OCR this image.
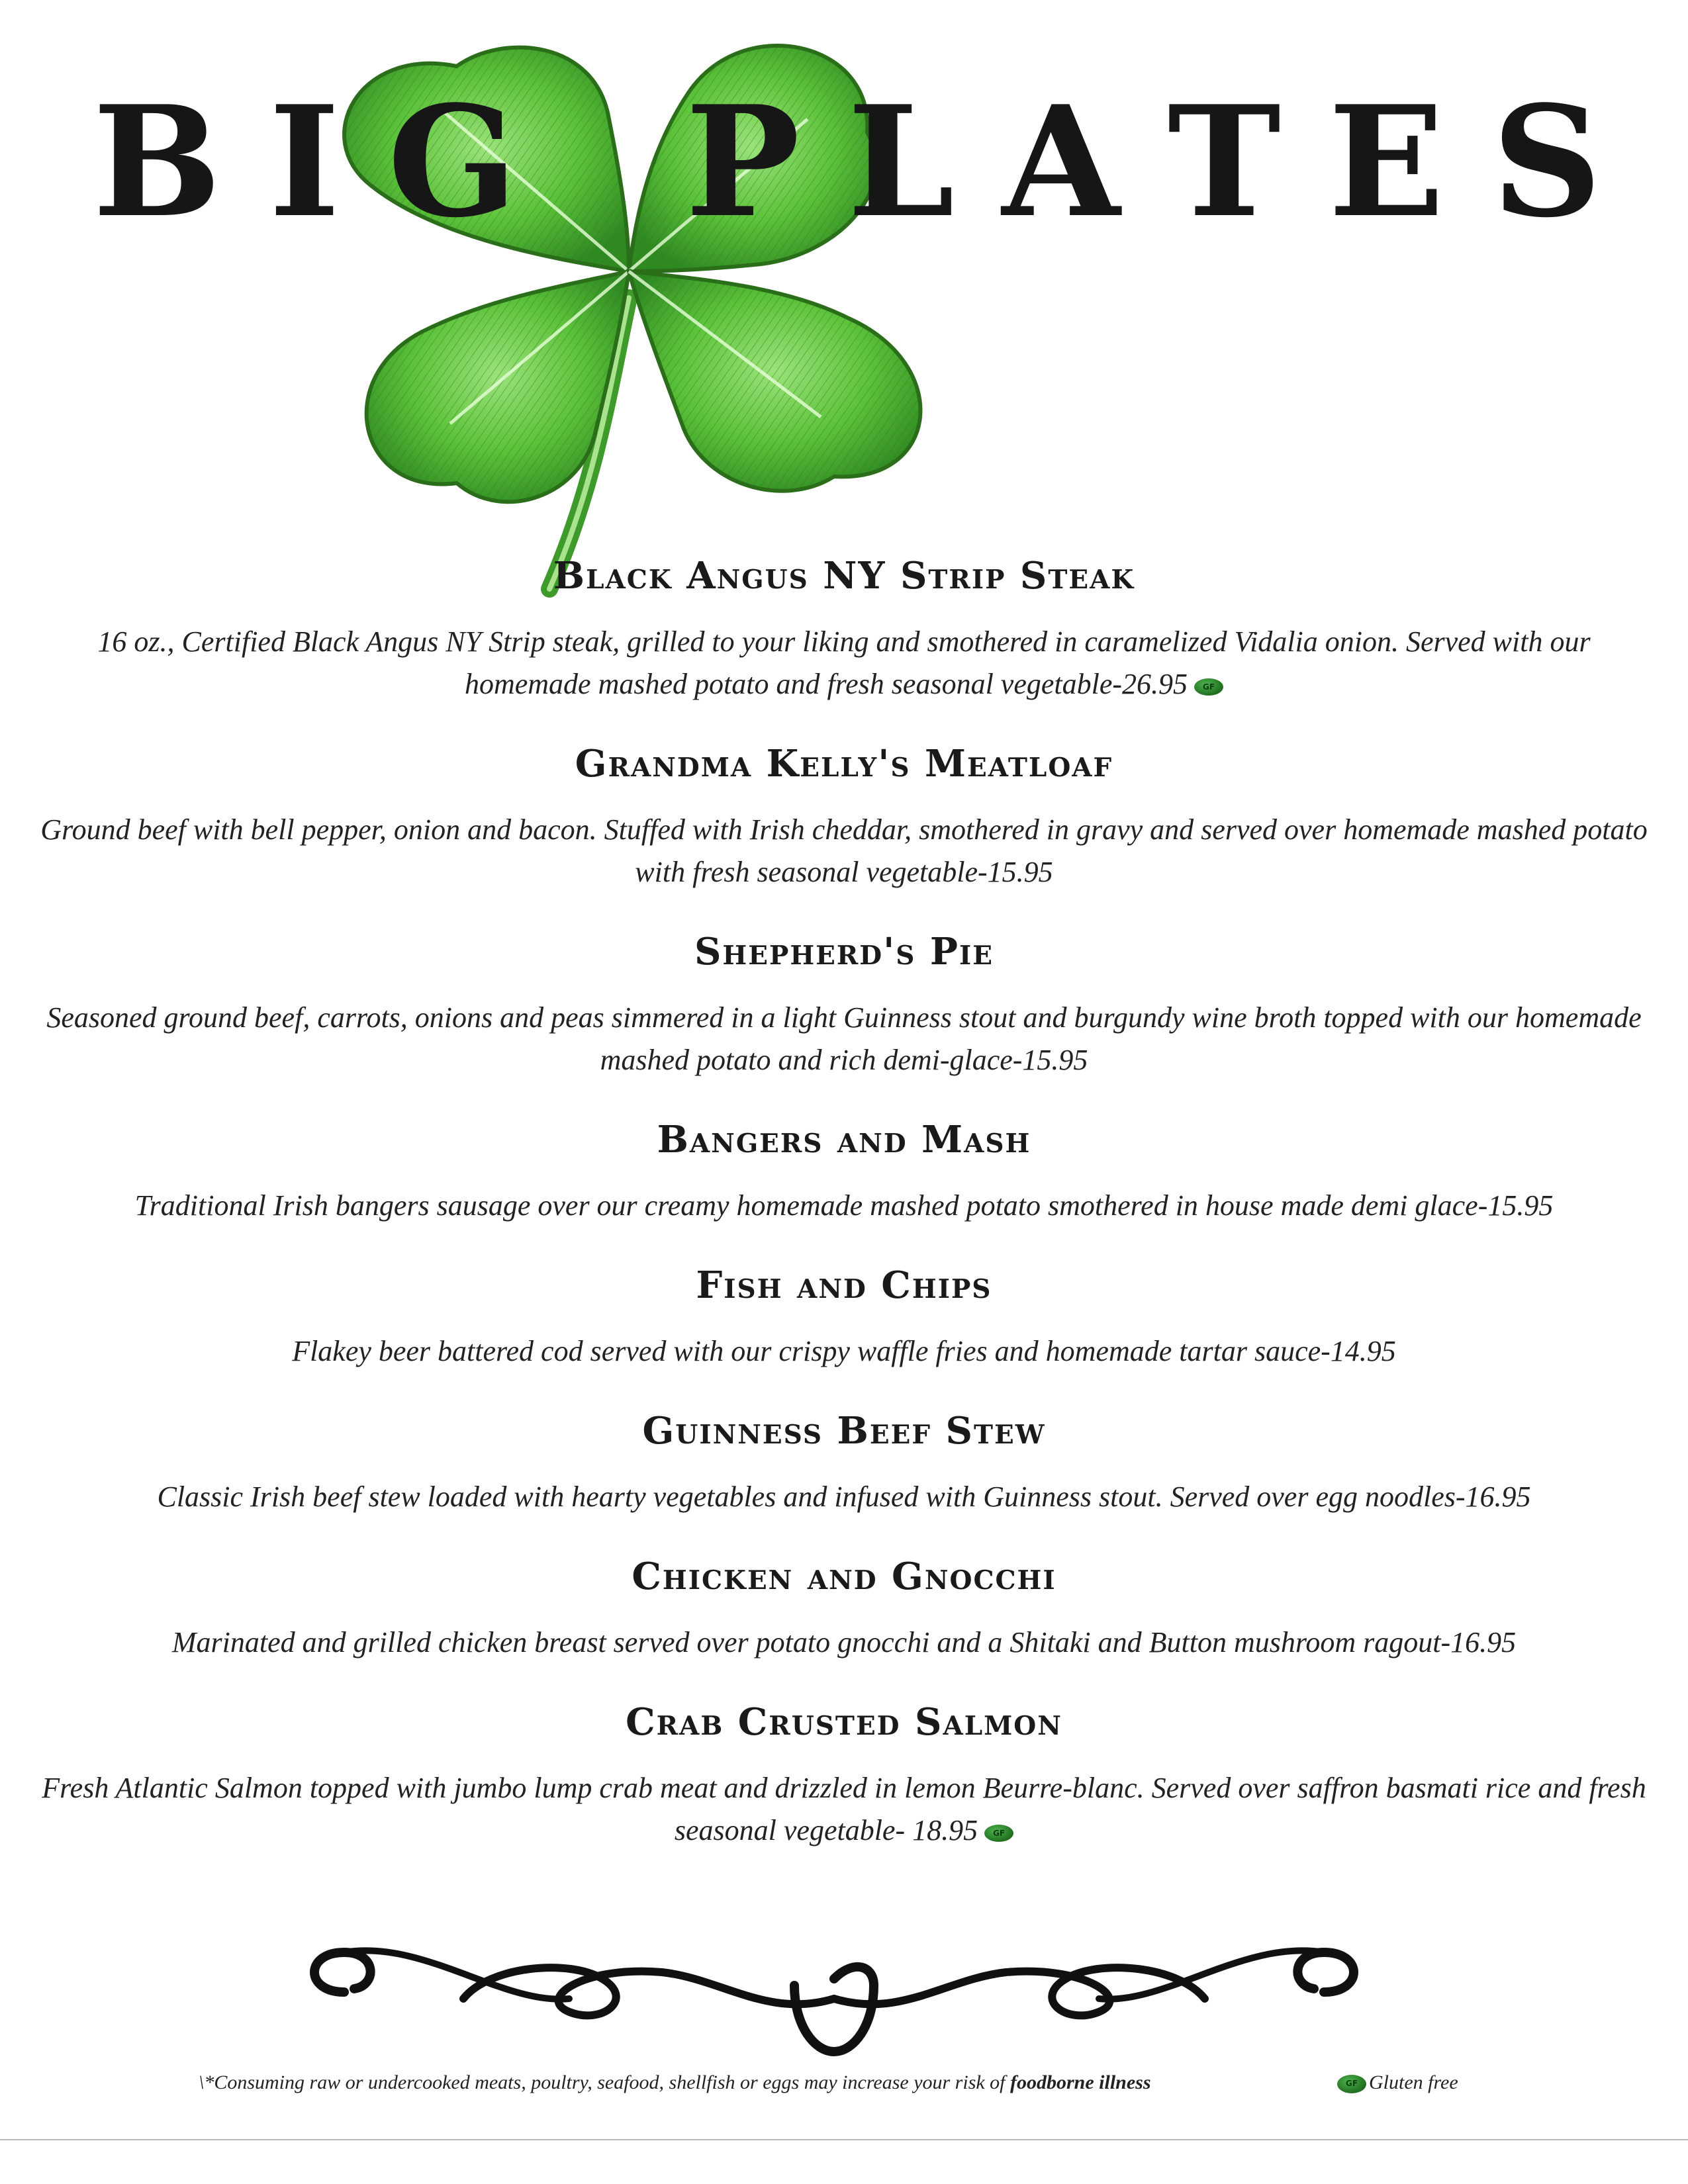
B I G P L A T E S
Black Angus NY Strip Steak
16 oz., Certified Black Angus NY Strip steak, grilled to your liking and smothered in caramelized Vidalia onion. Served with our homemade mashed potato and fresh seasonal vegetable-26.95 GF
Grandma Kelly's Meatloaf
Ground beef with bell pepper, onion and bacon. Stuffed with Irish cheddar, smothered in gravy and served over homemade mashed potato with fresh seasonal vegetable-15.95
Shepherd's Pie
Seasoned ground beef, carrots, onions and peas simmered in a light Guinness stout and burgundy wine broth topped with our homemade mashed potato and rich demi-glace-15.95
Bangers and Mash
Traditional Irish bangers sausage over our creamy homemade mashed potato smothered in house made demi glace-15.95
Fish and Chips
Flakey beer battered cod served with our crispy waffle fries and homemade tartar sauce-14.95
Guinness Beef Stew
Classic Irish beef stew loaded with hearty vegetables and infused with Guinness stout. Served over egg noodles-16.95
Chicken and Gnocchi
Marinated and grilled chicken breast served over potato gnocchi and a Shitaki and Button mushroom ragout-16.95
Crab Crusted Salmon
Fresh Atlantic Salmon topped with jumbo lump crab meat and drizzled in lemon Beurre-blanc. Served over saffron basmati rice and fresh seasonal vegetable- 18.95 GF
\*Consuming raw or undercooked meats, poultry, seafood, shellfish or eggs may increase your risk of foodborne illness	GF Gluten free
